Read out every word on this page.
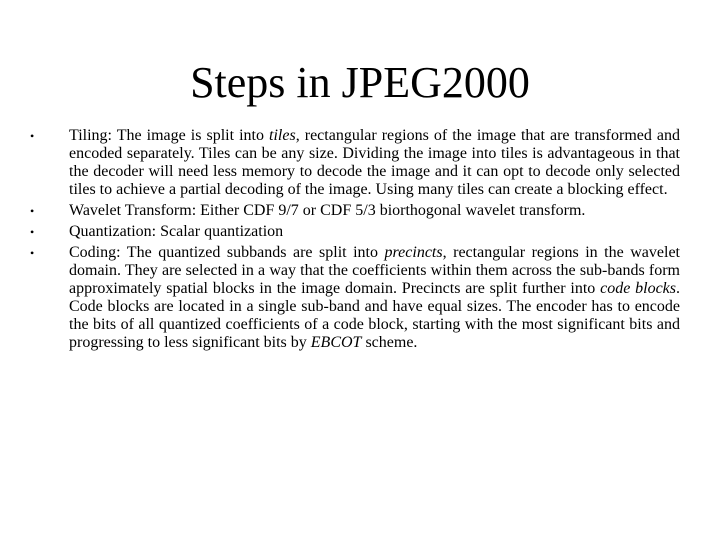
Steps in JPEG2000
• Tiling: The image is split into tiles, rectangular regions of the image that are transformed and encoded separately. Tiles can be any size. Dividing the image into tiles is advantageous in that the decoder will need less memory to decode the image and it can opt to decode only selected tiles to achieve a partial decoding of the image. Using many tiles can create a blocking effect.
• Wavelet Transform: Either CDF 9/7 or CDF 5/3 biorthogonal wavelet transform.
• Quantization: Scalar quantization
• Coding: The quantized subbands are split into precincts, rectangular regions in the wavelet domain. They are selected in a way that the coefficients within them across the sub-bands form approximately spatial blocks in the image domain. Precincts are split further into code blocks. Code blocks are located in a single sub-band and have equal sizes. The encoder has to encode the bits of all quantized coefficients of a code block, starting with the most significant bits and progressing to less significant bits by EBCOT scheme.
